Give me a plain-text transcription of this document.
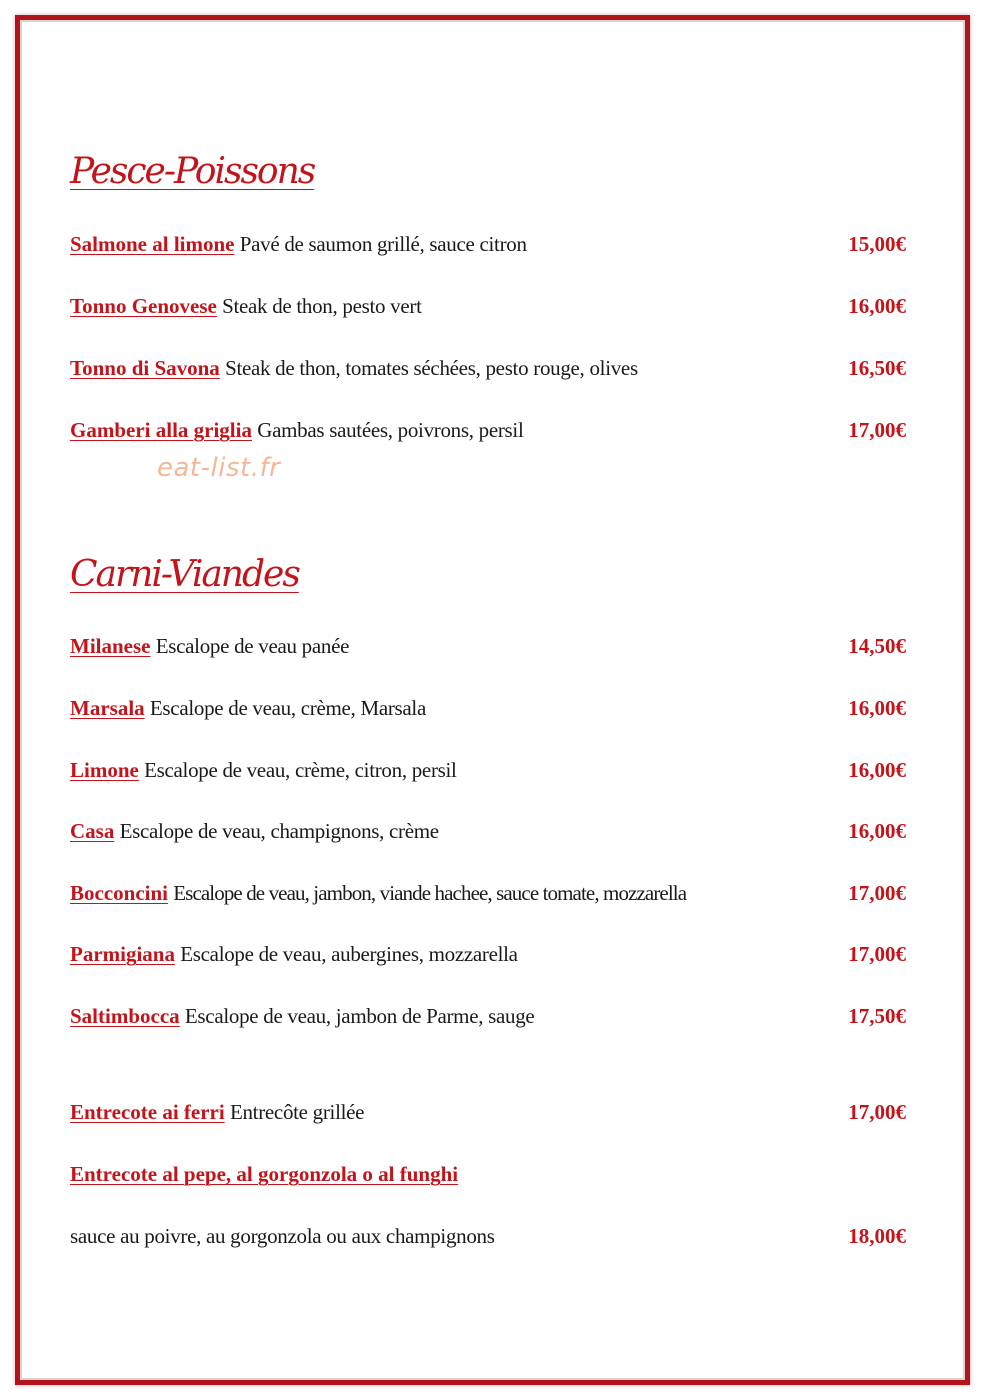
Pesce-Poissons
Salmone al limone Pavé de saumon grillé, sauce citron	15,00€
Tonno Genovese Steak de thon, pesto vert	16,00€
Tonno di Savona Steak de thon, tomates séchées, pesto rouge, olives	16,50€
Gamberi alla griglia Gambas sautées, poivrons, persil	17,00€
eat-list.fr
Carni-Viandes
Milanese Escalope de veau panée	14,50€
Marsala Escalope de veau, crème, Marsala	16,00€
Limone Escalope de veau, crème, citron, persil	16,00€
Casa Escalope de veau, champignons, crème	16,00€
Bocconcini Escalope de veau, jambon, viande hachee, sauce tomate, mozzarella	17,00€
Parmigiana Escalope de veau, aubergines, mozzarella	17,00€
Saltimbocca Escalope de veau, jambon de Parme, sauge	17,50€
Entrecote ai ferri Entrecôte grillée	17,00€
Entrecote al pepe, al gorgonzola o al funghi
sauce au poivre, au gorgonzola ou aux champignons	18,00€
